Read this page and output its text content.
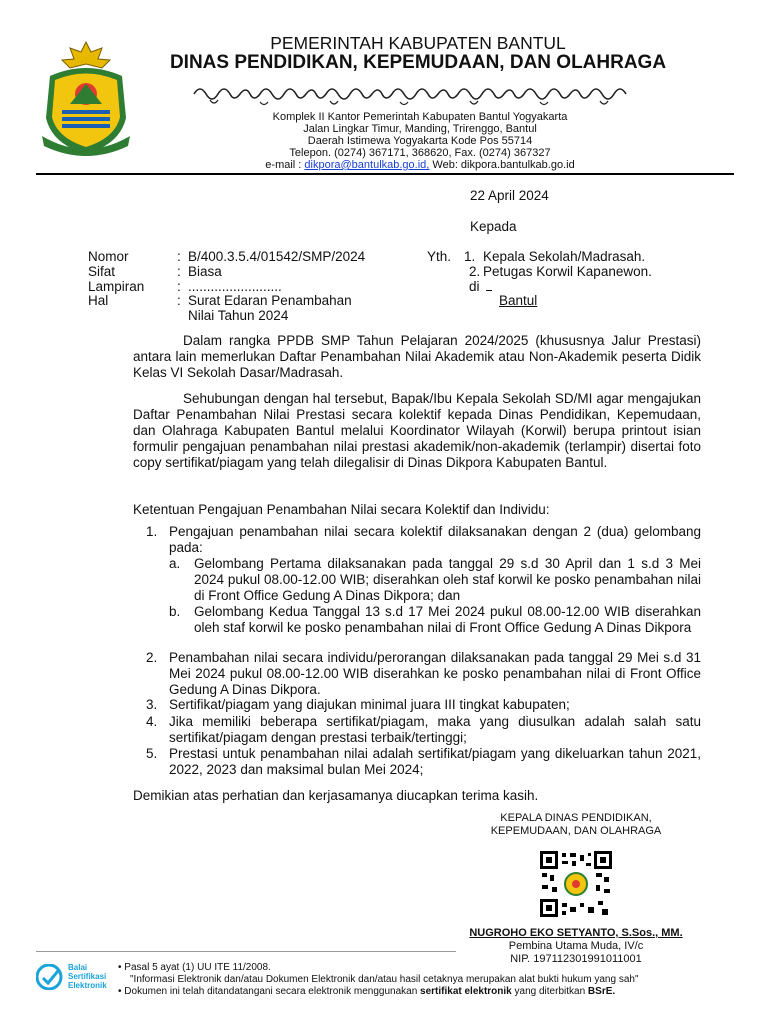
PEMERINTAH KABUPATEN BANTUL
DINAS PENDIDIKAN, KEPEMUDAAN, DAN OLAHRAGA
Komplek II Kantor Pemerintah Kabupaten Bantul Yogyakarta
Jalan Lingkar Timur, Manding, Trirenggo, Bantul
Daerah Istimewa Yogyakarta Kode Pos 55714
Telepon. (0274) 367171, 368620, Fax. (0274) 367327
e-mail : dikpora@bantulkab.go.id, Web: dikpora.bantulkab.go.id
22 April 2024
Kepada
Nomor	: B/400.3.5.4/01542/SMP/2024
Sifat	: Biasa
Lampiran : .........................
Hal	: Surat Edaran Penambahan
Nilai Tahun 2024
Yth. 1. Kepala Sekolah/Madrasah.
2. Petugas Korwil Kapanewon.
di
Bantul
Dalam rangka PPDB SMP Tahun Pelajaran 2024/2025 (khususnya Jalur Prestasi) antara lain memerlukan Daftar Penambahan Nilai Akademik atau Non-Akademik peserta Didik Kelas VI Sekolah Dasar/Madrasah.
Sehubungan dengan hal tersebut, Bapak/Ibu Kepala Sekolah SD/MI agar mengajukan Daftar Penambahan Nilai Prestasi secara kolektif kepada Dinas Pendidikan, Kepemudaan, dan Olahraga Kabupaten Bantul melalui Koordinator Wilayah (Korwil) berupa printout isian formulir pengajuan penambahan nilai prestasi akademik/non-akademik (terlampir) disertai foto copy sertifikat/piagam yang telah dilegalisir di Dinas Dikpora Kabupaten Bantul.
Ketentuan Pengajuan Penambahan Nilai secara Kolektif dan Individu:
1. Pengajuan penambahan nilai secara kolektif dilaksanakan dengan 2 (dua) gelombang pada:
a. Gelombang Pertama dilaksanakan pada tanggal 29 s.d 30 April dan 1 s.d 3 Mei 2024 pukul 08.00-12.00 WIB; diserahkan oleh staf korwil ke posko penambahan nilai di Front Office Gedung A Dinas Dikpora; dan
b. Gelombang Kedua Tanggal 13 s.d 17 Mei 2024 pukul 08.00-12.00 WIB diserahkan oleh staf korwil ke posko penambahan nilai di Front Office Gedung A Dinas Dikpora
2. Penambahan nilai secara individu/perorangan dilaksanakan pada tanggal 29 Mei s.d 31 Mei 2024 pukul 08.00-12.00 WIB diserahkan ke posko penambahan nilai di Front Office Gedung A Dinas Dikpora.
3. Sertifikat/piagam yang diajukan minimal juara III tingkat kabupaten;
4. Jika memiliki beberapa sertifikat/piagam, maka yang diusulkan adalah salah satu sertifikat/piagam dengan prestasi terbaik/tertinggi;
5. Prestasi untuk penambahan nilai adalah sertifikat/piagam yang dikeluarkan tahun 2021, 2022, 2023 dan maksimal bulan Mei 2024;
Demikian atas perhatian dan kerjasamanya diucapkan terima kasih.
KEPALA DINAS PENDIDIKAN,
KEPEMUDAAN, DAN OLAHRAGA
NUGROHO EKO SETYANTO, S.Sos., MM.
Pembina Utama Muda, IV/c
NIP. 197112301991011001
Balai
Sertifikasi
Elektronik
• Pasal 5 ayat (1) UU ITE 11/2008.
"Informasi Elektronik dan/atau Dokumen Elektronik dan/atau hasil cetaknya merupakan alat bukti hukum yang sah"
• Dokumen ini telah ditandatangani secara elektronik menggunakan sertifikat elektronik yang diterbitkan BSrE.
